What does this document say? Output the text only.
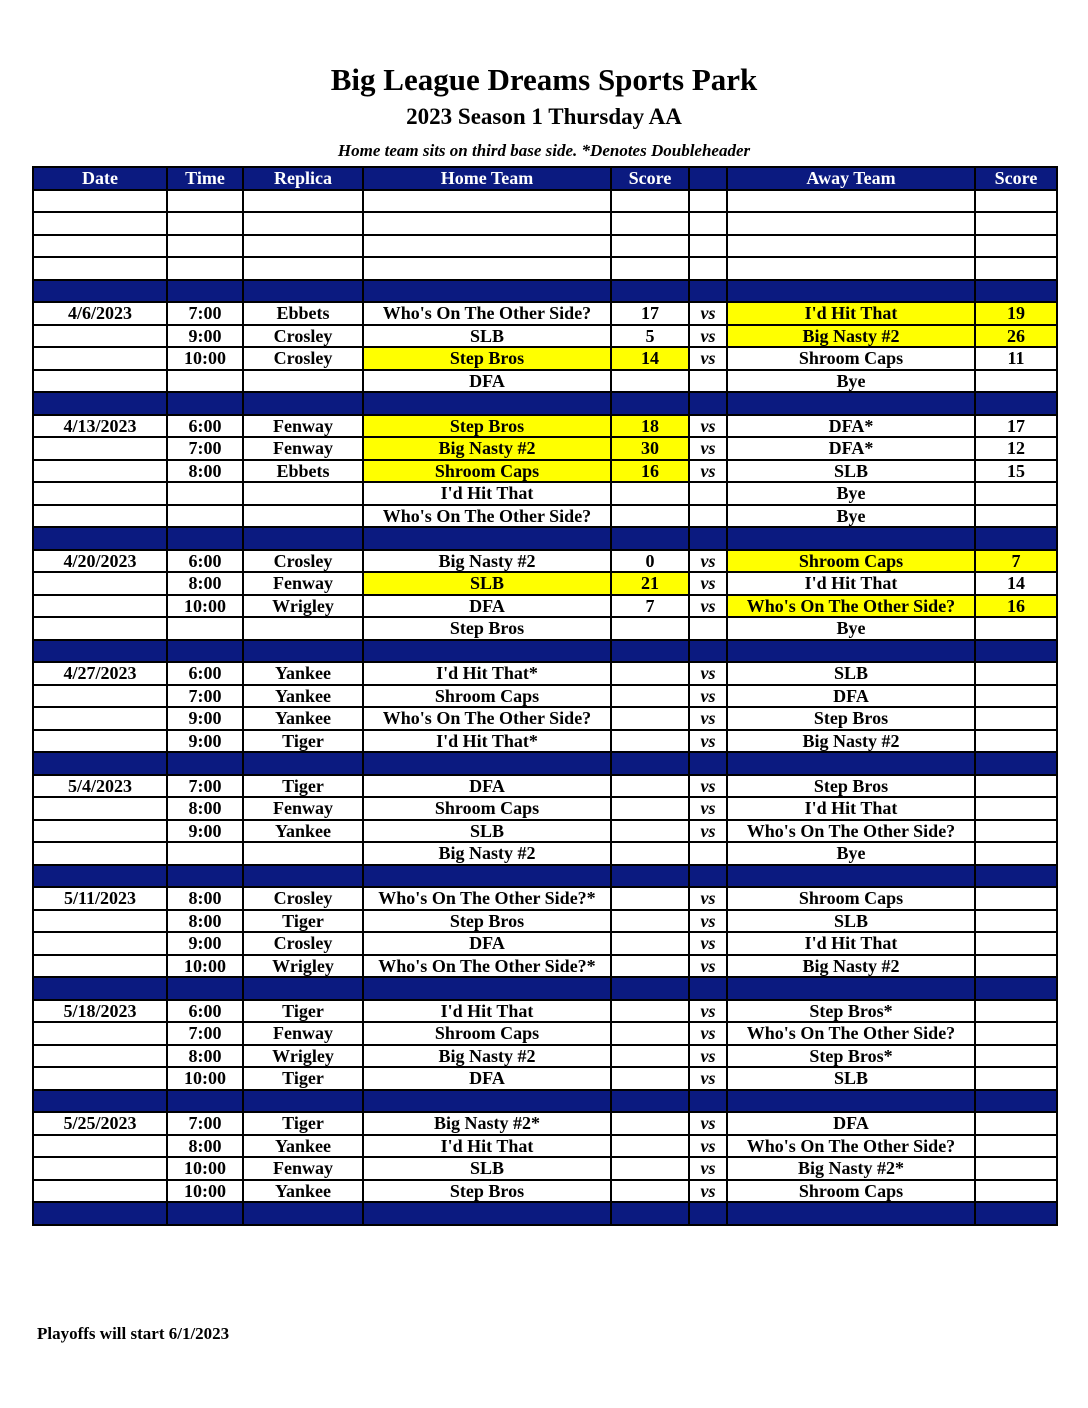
Big League Dreams Sports Park
2023 Season 1 Thursday AA
Home team sits on third base side. *Denotes Doubleheader
Date	Time	Replica	Home Team	Score		Away Team	Score

4/6/2023	7:00	Ebbets	Who's On The Other Side?	17	vs	I'd Hit That	19
	9:00	Crosley	SLB	5	vs	Big Nasty #2	26
	10:00	Crosley	Step Bros	14	vs	Shroom Caps	11
			DFA			Bye	

4/13/2023	6:00	Fenway	Step Bros	18	vs	DFA*	17
	7:00	Fenway	Big Nasty #2	30	vs	DFA*	12
	8:00	Ebbets	Shroom Caps	16	vs	SLB	15
			I'd Hit That			Bye	
			Who's On The Other Side?			Bye	

4/20/2023	6:00	Crosley	Big Nasty #2	0	vs	Shroom Caps	7
	8:00	Fenway	SLB	21	vs	I'd Hit That	14
	10:00	Wrigley	DFA	7	vs	Who's On The Other Side?	16
			Step Bros			Bye	

4/27/2023	6:00	Yankee	I'd Hit That*		vs	SLB	
	7:00	Yankee	Shroom Caps		vs	DFA	
	9:00	Yankee	Who's On The Other Side?		vs	Step Bros	
	9:00	Tiger	I'd Hit That*		vs	Big Nasty #2	

5/4/2023	7:00	Tiger	DFA		vs	Step Bros	
	8:00	Fenway	Shroom Caps		vs	I'd Hit That	
	9:00	Yankee	SLB		vs	Who's On The Other Side?	
			Big Nasty #2			Bye	

5/11/2023	8:00	Crosley	Who's On The Other Side?*		vs	Shroom Caps	
	8:00	Tiger	Step Bros		vs	SLB	
	9:00	Crosley	DFA		vs	I'd Hit That	
	10:00	Wrigley	Who's On The Other Side?*		vs	Big Nasty #2	

5/18/2023	6:00	Tiger	I'd Hit That		vs	Step Bros*	
	7:00	Fenway	Shroom Caps		vs	Who's On The Other Side?	
	8:00	Wrigley	Big Nasty #2		vs	Step Bros*	
	10:00	Tiger	DFA		vs	SLB	

5/25/2023	7:00	Tiger	Big Nasty #2*		vs	DFA	
	8:00	Yankee	I'd Hit That		vs	Who's On The Other Side?	
	10:00	Fenway	SLB		vs	Big Nasty #2*	
	10:00	Yankee	Step Bros		vs	Shroom Caps	

Playoffs will start 6/1/2023
